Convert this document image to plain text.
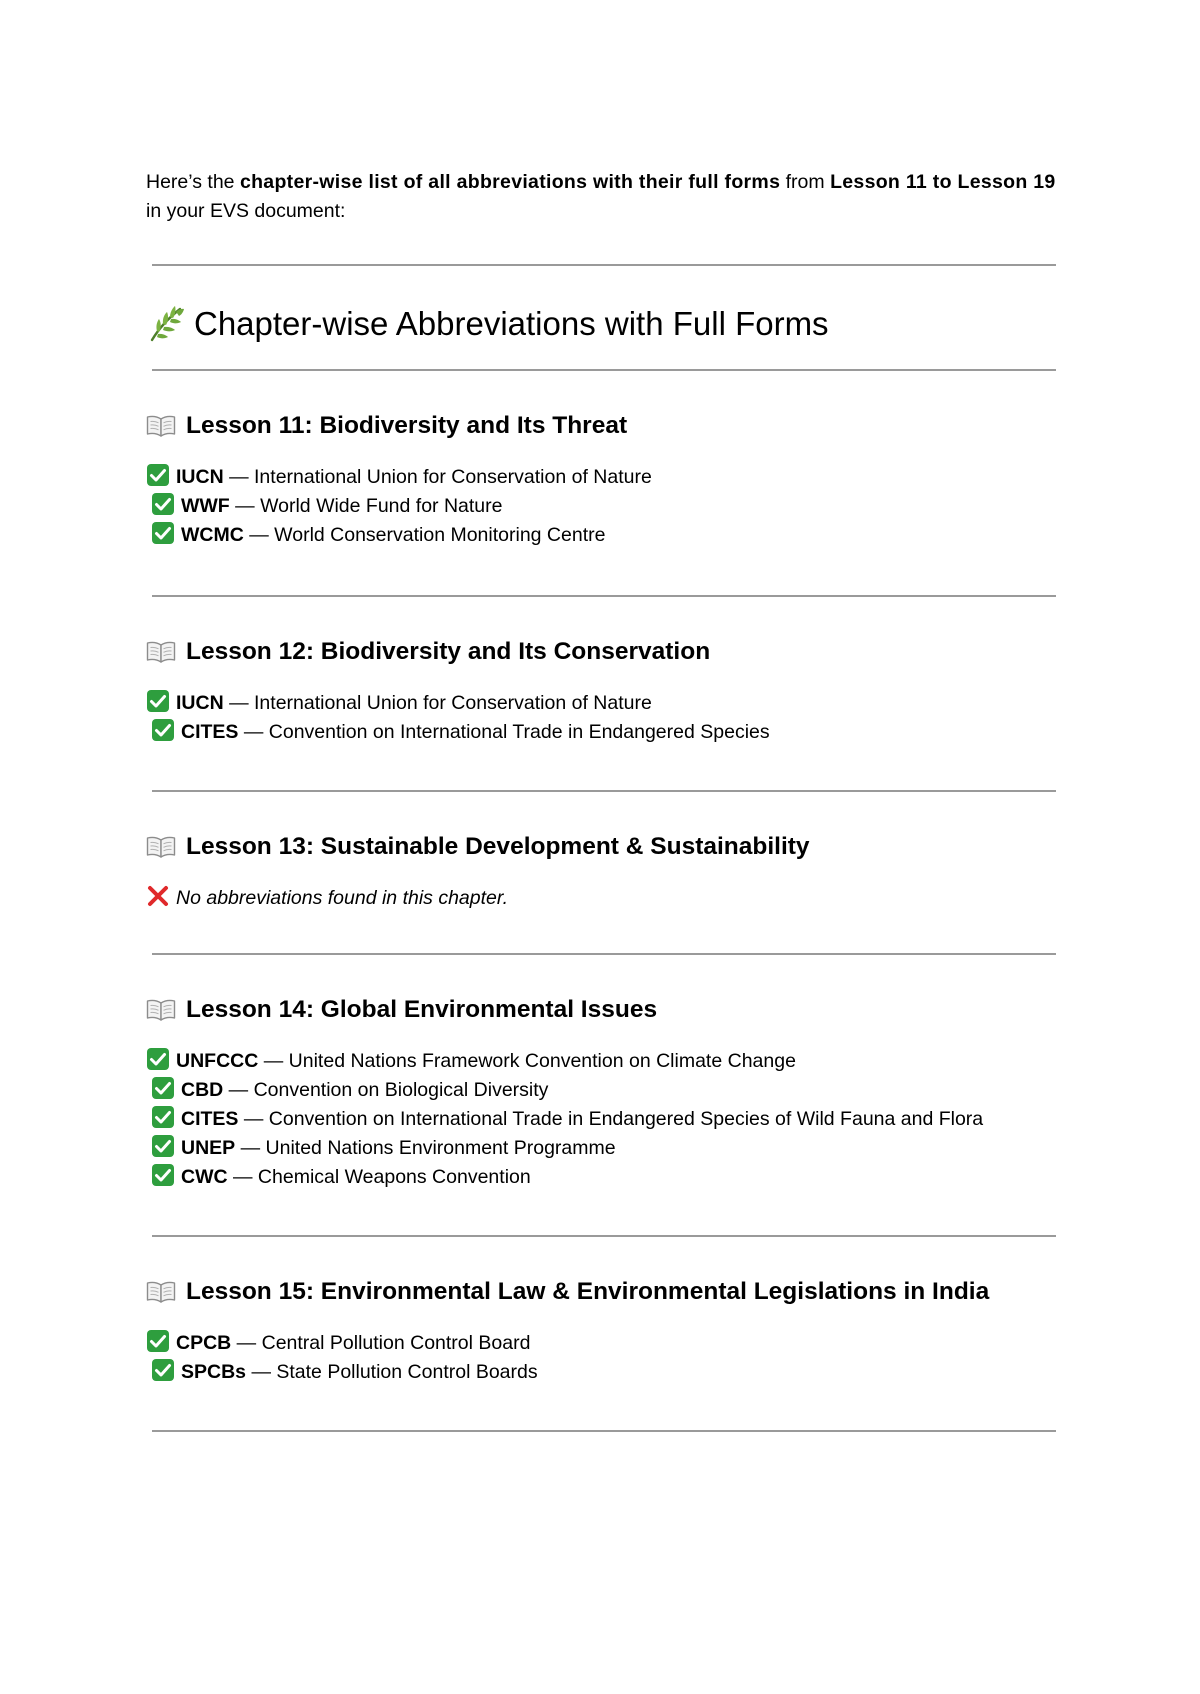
Here’s the chapter-wise list of all abbreviations with their full forms from Lesson 11 to Lesson 19 in your EVS document:

Chapter-wise Abbreviations with Full Forms
Lesson 11: Biodiversity and Its Threat
IUCN — International Union for Conservation of Nature
WWF — World Wide Fund for Nature
WCMC — World Conservation Monitoring Centre
Lesson 12: Biodiversity and Its Conservation
IUCN — International Union for Conservation of Nature
CITES — Convention on International Trade in Endangered Species
Lesson 13: Sustainable Development & Sustainability
No abbreviations found in this chapter.
Lesson 14: Global Environmental Issues
UNFCCC — United Nations Framework Convention on Climate Change
CBD — Convention on Biological Diversity
CITES — Convention on International Trade in Endangered Species of Wild Fauna and Flora
UNEP — United Nations Environment Programme
CWC — Chemical Weapons Convention
Lesson 15: Environmental Law & Environmental Legislations in India
CPCB — Central Pollution Control Board
SPCBs — State Pollution Control Boards
